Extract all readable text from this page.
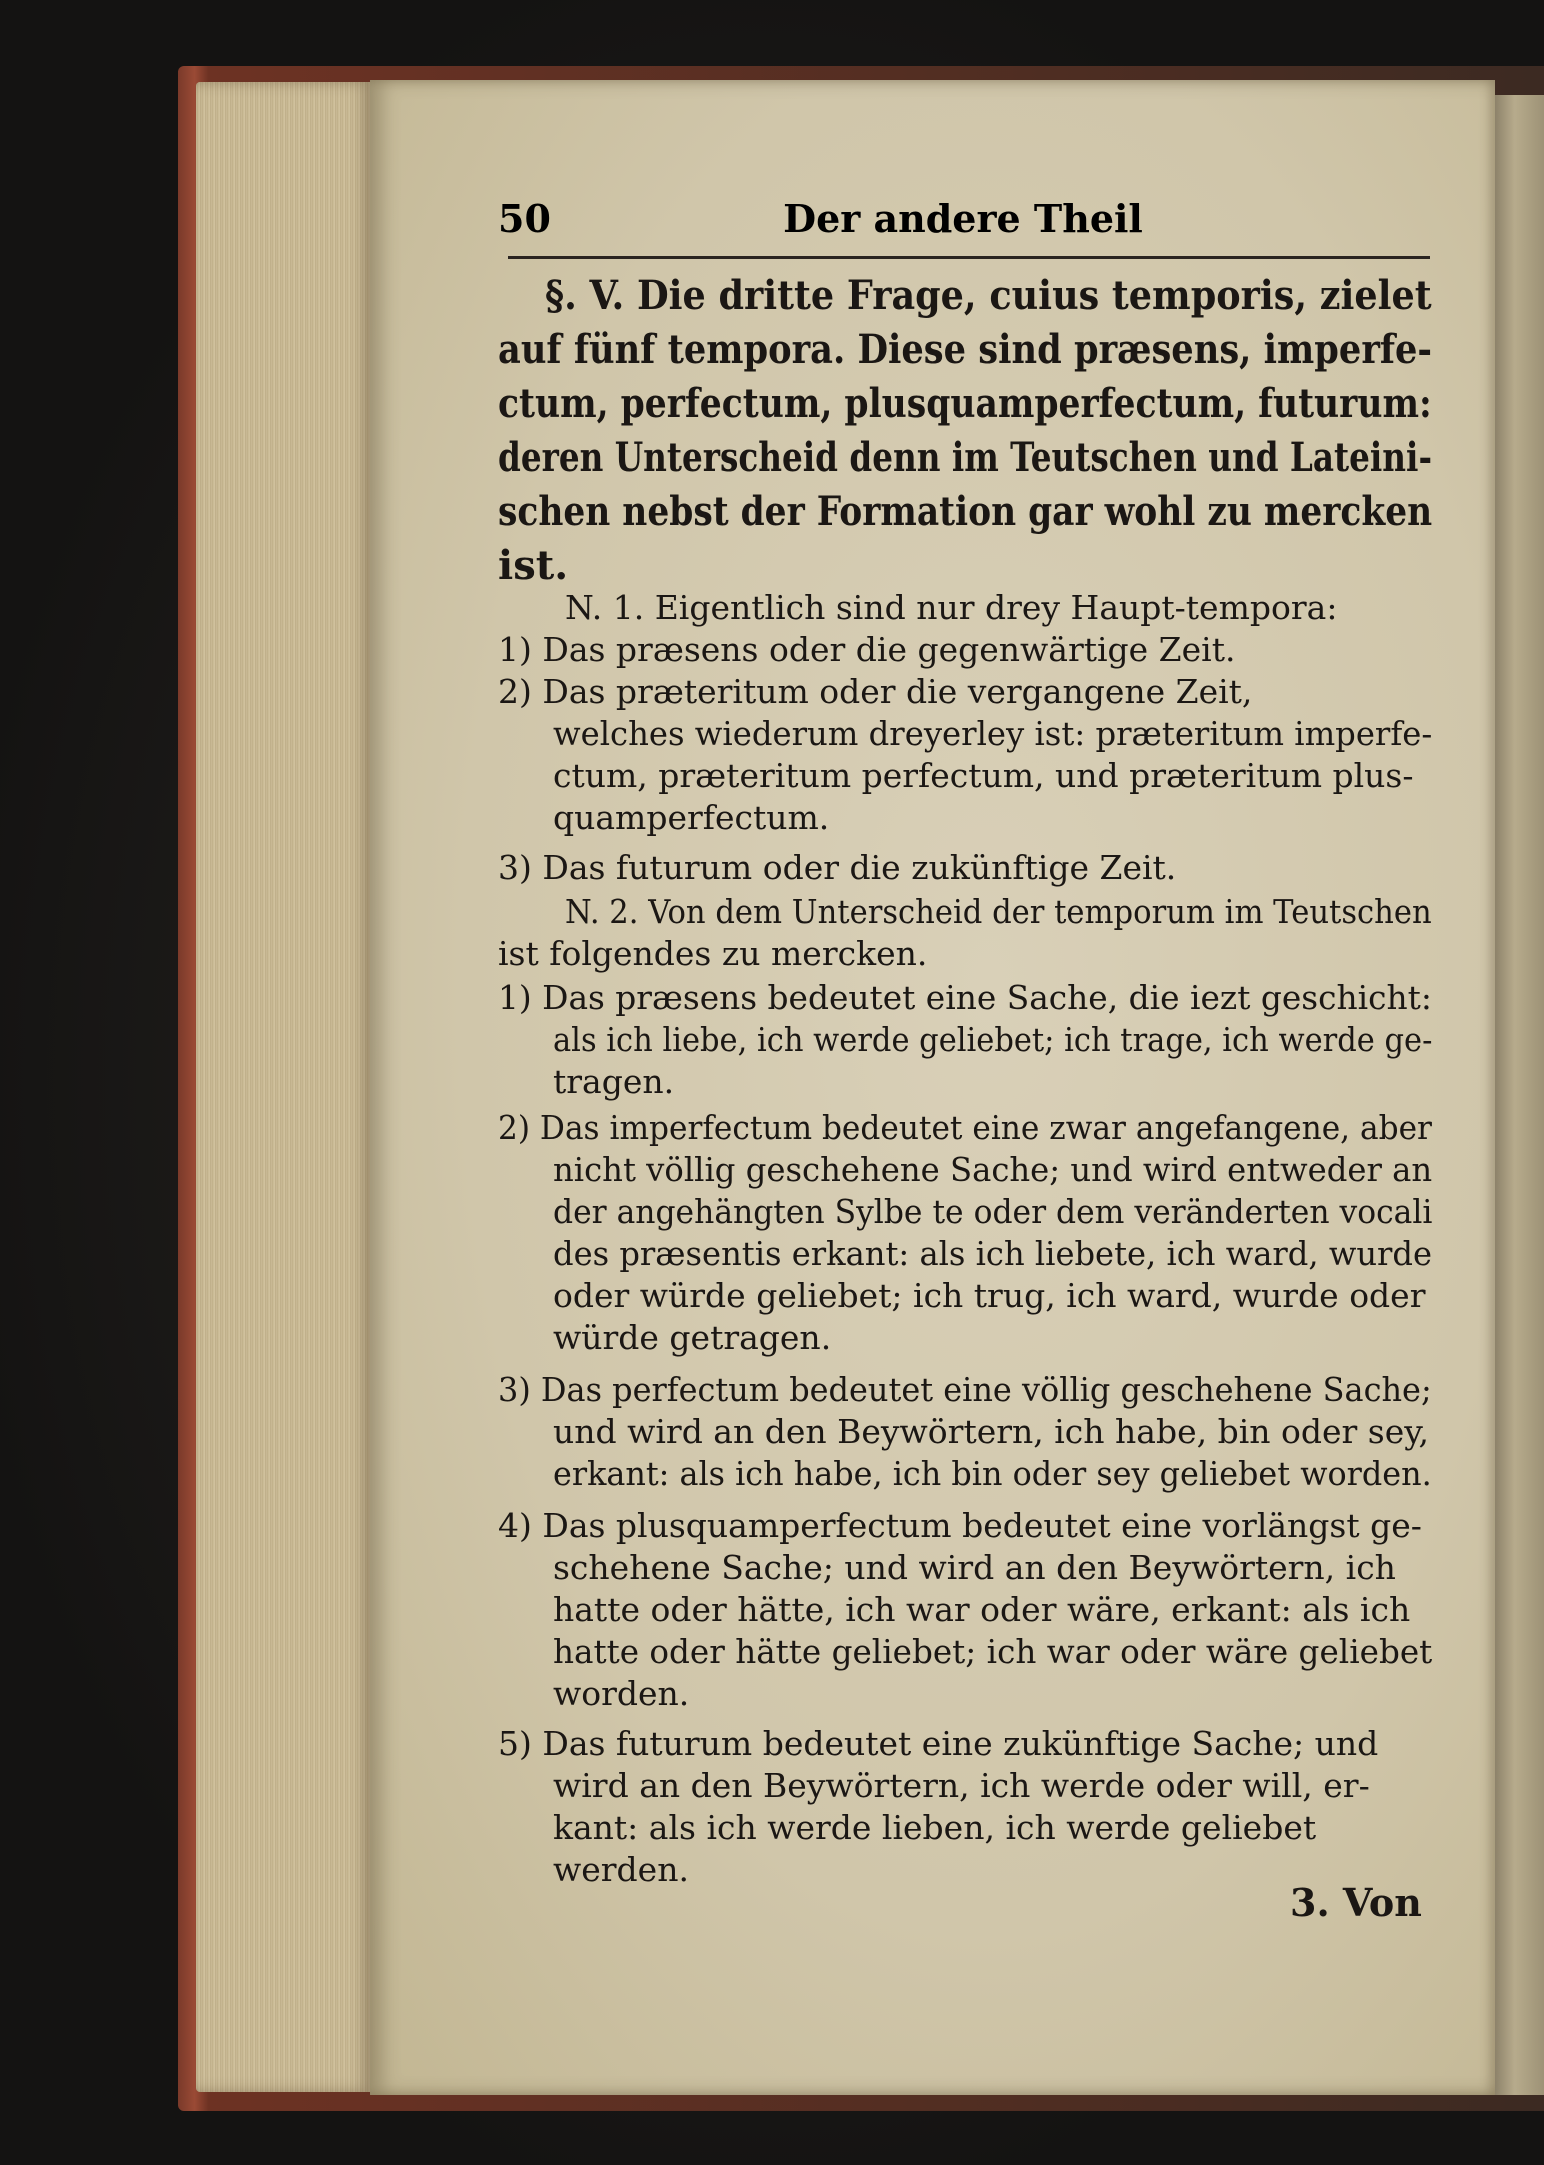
50	Der andere Theil
§. V. Die dritte Frage, cuius temporis, zielet
auf fünf tempora. Diese sind præsens, imperfe-
ctum, perfectum, plusquamperfectum, futurum:
deren Unterscheid denn im Teutschen und Lateini-
schen nebst der Formation gar wohl zu mercken
ist.
N. 1. Eigentlich sind nur drey Haupt-tempora:
1) Das præsens oder die gegenwärtige Zeit.
2) Das præteritum oder die vergangene Zeit,
welches wiederum dreyerley ist: præteritum imperfe-
ctum, præteritum perfectum, und præteritum plus-
quamperfectum.
3) Das futurum oder die zukünftige Zeit.
N. 2. Von dem Unterscheid der temporum im Teutschen
ist folgendes zu mercken.
1) Das præsens bedeutet eine Sache, die iezt geschicht:
als ich liebe, ich werde geliebet; ich trage, ich werde ge-
tragen.
2) Das imperfectum bedeutet eine zwar angefangene, aber
nicht völlig geschehene Sache; und wird entweder an
der angehängten Sylbe te oder dem veränderten vocali
des præsentis erkant: als ich liebete, ich ward, wurde
oder würde geliebet; ich trug, ich ward, wurde oder
würde getragen.
3) Das perfectum bedeutet eine völlig geschehene Sache;
und wird an den Beywörtern, ich habe, bin oder sey,
erkant: als ich habe, ich bin oder sey geliebet worden.
4) Das plusquamperfectum bedeutet eine vorlängst ge-
schehene Sache; und wird an den Beywörtern, ich
hatte oder hätte, ich war oder wäre, erkant: als ich
hatte oder hätte geliebet; ich war oder wäre geliebet
worden.
5) Das futurum bedeutet eine zukünftige Sache; und
wird an den Beywörtern, ich werde oder will, er-
kant: als ich werde lieben, ich werde geliebet
werden.
3. Von
